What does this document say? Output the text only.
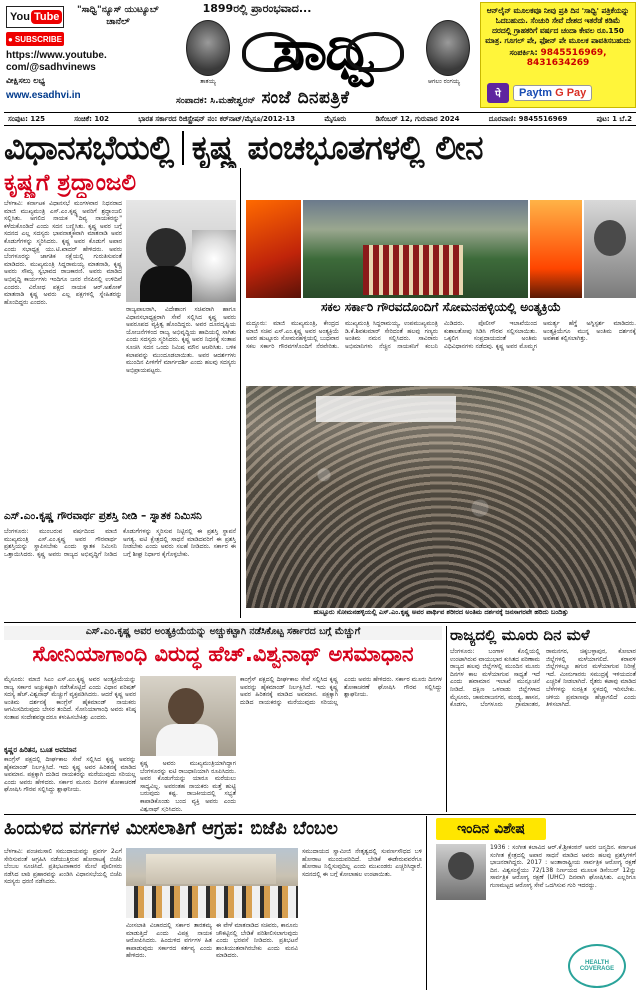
You Tube
"ಸಾಧ್ವಿ"ನ್ಯೂಸ್ ಯುಟ್ಯೂಬ್ ಚಾನೆಲ್
● SUBSCRIBE
https://www.youtube.
com/@sadhvinews
ವೀಕ್ಷಿಸಲು ಲಭ್ಯ
www.esadhvi.in
1899ರಲ್ಲಿ ಪ್ರಾರಂಭವಾದ...
ತಾತಯ್ಯ	ಸಾಧ್ವಿ	ಆಗಲಂ ರಂಗಯ್ಯ
ಸಂಪಾದಕ: ಸಿ.ಮಹೇಶ್ವರನ್ ಸಂಜೆ ದಿನಪತ್ರಿಕೆ
ಆನ್‌ಲೈನ್ ಮೂಲಕವೂ ನೀವು ಪ್ರತಿ ದಿನ 'ಸಾಧ್ವಿ' ಪತ್ರಿಕೆಯನ್ನು ಓದಬಹುದು. ಸೆಂಚುರಿ ಸೇವೆ ದೇಶದ ಇತರೆಡೆ ಕಡಿಮೆ ದರದಲ್ಲಿ ಗ್ರಾಹಕರಿಗೆ ವರ್ಷದ ಚಂದಾ ಕೇವಲ ರೂ.150 ಮಾತ್ರ. ಗೂಗಲ್ ಪೇ, ಫೋನ್ ಪೇ ಮೂಲಕ ಪಾವತಿಸಬಹುದು
ಸಂಪರ್ಕಿಸಿ: 9845516969, 8431634269
पे	Paytm G Pay
ಸಂಪುಟ: 125	ಸಂಚಿಕೆ: 102	ಭಾರತ ಸರ್ಕಾರದ ರಿಜಿಸ್ಟ್ರೇಷನ್ ನಂ: ಕರ್‌ನಾಟ್/ಮೈಸೂ/2012-13	ಮೈಸೂರು	ಡಿಸೆಂಬರ್ 12, ಗುರುವಾರ 2024	ದೂರವಾಣಿ: 9845516969	ಪುಟ: 1 ಬೆ.2
ವಿಧಾನಸಭೆಯಲ್ಲಿ ಕೃಷ್ಣ ಪಂಚಭೂತಗಳಲ್ಲಿ ಲೀನ
ಕೃಷ್ಣಗೆ ಶ್ರದ್ಧಾಂಜಲಿ
ಬೆಳಗಾವಿ: ಕರ್ನಾಟಕ ವಿಧಾನಸಭೆ ಮಂಗಳವಾರ ನಿಧನರಾದ ಮಾಜಿ ಮುಖ್ಯಮಂತ್ರಿ ಎಸ್.ಎಂ.ಕೃಷ್ಣ ಅವರಿಗೆ ಶ್ರದ್ಧಾಂಜಲಿ ಸಲ್ಲಿಸಿತು. ಅಗಲಿದ ನಾಯಕ "ದಿವ್ಯ ನಾಯಕರನ್ನು" ಕಳೆದುಕೊಂಡಿದೆ ಎಂದು ಸದನ ಬಣ್ಣಿಸಿತು. ಕೃಷ್ಣ ಅವರ ಬಗ್ಗೆ ಸದನದ ಎಲ್ಲ ಸದಸ್ಯರು ಭಾವನಾತ್ಮಕವಾಗಿ ಮಾತನಾಡಿ ಅವರ ಕೊಡುಗೆಗಳನ್ನು ಸ್ಮರಿಸಿದರು. ಕೃಷ್ಣ ಅವರ ಕೊಡುಗೆ ಅಪಾರ ಎಂದು ಸಭಾಧ್ಯಕ್ಷ ಯು.ಟಿ.ಖಾದರ್ ಹೇಳಿದರು. ಅವರು ಬೆಂಗಳೂರನ್ನು ಜಾಗತಿಕ ನಕ್ಷೆಯಲ್ಲಿ ಗುರುತಿಸುವಂತೆ ಮಾಡಿದರು. ಮುಖ್ಯಮಂತ್ರಿ ಸಿದ್ದರಾಮಯ್ಯ ಮಾತನಾಡಿ, ಕೃಷ್ಣ ಅವರು ಸೌಮ್ಯ ಸ್ವಭಾವದ ರಾಜಕಾರಣಿ. ಅವರು ಮಾಡಿದ ಅಭಿವೃದ್ಧಿ ಕಾರ್ಯಗಳು ಇಂದಿಗೂ ಜನರ ನೆನಪಿನಲ್ಲಿ ಉಳಿದಿವೆ ಎಂದರು. ವಿರೋಧ ಪಕ್ಷದ ನಾಯಕ ಆರ್.ಅಶೋಕ್ ಮಾತನಾಡಿ ಕೃಷ್ಣ ಅವರು ಎಲ್ಲ ಪಕ್ಷಗಳಲ್ಲಿ ಸ್ನೇಹಿತರನ್ನು ಹೊಂದಿದ್ದರು ಎಂದರು.
ರಾಜ್ಯಪಾಲರಾಗಿ, ವಿದೇಶಾಂಗ ಸಚಿವರಾಗಿ ಹಾಗೂ ವಿಧಾನಸಭಾಧ್ಯಕ್ಷರಾಗಿ ಸೇವೆ ಸಲ್ಲಿಸಿದ ಕೃಷ್ಣ ಅವರು ಅಪರೂಪದ ವ್ಯಕ್ತಿತ್ವ ಹೊಂದಿದ್ದರು. ಅವರ ದೂರದೃಷ್ಟಿಯ ಯೋಜನೆಗಳಿಂದ ರಾಜ್ಯ ಅಭಿವೃದ್ಧಿಯ ಹಾದಿಯಲ್ಲಿ ಸಾಗಿತು ಎಂದು ಸದಸ್ಯರು ಸ್ಮರಿಸಿದರು. ಕೃಷ್ಣ ಅವರ ನಿಧನಕ್ಕೆ ಸಂತಾಪ ಸೂಚಿಸಿ ಸದನ ಒಂದು ನಿಮಿಷ ಮೌನ ಆಚರಿಸಿತು. ಬಳಿಕ ಕಲಾಪವನ್ನು ಮುಂದೂಡಲಾಯಿತು. ಅವರ ಆದರ್ಶಗಳು ಮುಂದಿನ ಪೀಳಿಗೆಗೆ ಮಾರ್ಗದರ್ಶಿ ಎಂದು ಹಲವು ಸದಸ್ಯರು ಅಭಿಪ್ರಾಯಪಟ್ಟರು.
ಎಸ್.ಎಂ.ಕೃಷ್ಣ ಗೌರವಾರ್ಥ ಪ್ರಶಸ್ತಿ ನೀಡಿ – ಸ್ನಾತಕ ನಿಮಿಸನಿ
ಬೆಂಗಳೂರು: ಮುಂಬರುವ ವರ್ಷದಿಂದ ಮಾಜಿ ಮುಖ್ಯಮಂತ್ರಿ ಎಸ್.ಎಂ.ಕೃಷ್ಣ ಅವರ ಗೌರವಾರ್ಥ ಪ್ರಶಸ್ತಿಯನ್ನು ಸ್ಥಾಪಿಸಬೇಕು ಎಂದು ಸ್ನಾತಕ ನಿಮಿಸನಿ ಒತ್ತಾಯಿಸಿದರು. ಕೃಷ್ಣ ಅವರು ರಾಜ್ಯದ ಅಭಿವೃದ್ಧಿಗೆ ನೀಡಿದ ಕೊಡುಗೆಗಳನ್ನು ಸ್ಮರಿಸುವ ನಿಟ್ಟಿನಲ್ಲಿ ಈ ಪ್ರಶಸ್ತಿ ಸ್ಥಾಪನೆ ಅಗತ್ಯ. ಐಟಿ ಕ್ಷೇತ್ರದಲ್ಲಿ ಸಾಧನೆ ಮಾಡಿದವರಿಗೆ ಈ ಪ್ರಶಸ್ತಿ ನೀಡಬೇಕು ಎಂದು ಅವರು ಸಲಹೆ ನೀಡಿದರು. ಸರ್ಕಾರ ಈ ಬಗ್ಗೆ ಶೀಘ್ರ ನಿರ್ಧಾರ ಕೈಗೊಳ್ಳಬೇಕು.
ಸಕಲ ಸರ್ಕಾರಿ ಗೌರವದೊಂದಿಗೆ ಸೋಮನಹಳ್ಳಿಯಲ್ಲಿ ಅಂತ್ಯಕ್ರಿಯೆ
ಮದ್ದೂರು: ಮಾಜಿ ಮುಖ್ಯಮಂತ್ರಿ, ಕೇಂದ್ರದ ಮಾಜಿ ಸಚಿವ ಎಸ್.ಎಂ.ಕೃಷ್ಣ ಅವರ ಅಂತ್ಯಕ್ರಿಯೆ ಅವರ ಹುಟ್ಟೂರು ಸೋಮನಹಳ್ಳಿಯಲ್ಲಿ ಬುಧವಾರ ಸಕಲ ಸರ್ಕಾರಿ ಗೌರವಗಳೊಂದಿಗೆ ನೆರವೇರಿತು. ಮುಖ್ಯಮಂತ್ರಿ ಸಿದ್ದರಾಮಯ್ಯ, ಉಪಮುಖ್ಯಮಂತ್ರಿ ಡಿ.ಕೆ.ಶಿವಕುಮಾರ್ ಸೇರಿದಂತೆ ಹಲವು ಗಣ್ಯರು ಅಂತಿಮ ನಮನ ಸಲ್ಲಿಸಿದರು. ಸಾವಿರಾರು ಅಭಿಮಾನಿಗಳು ನೆಚ್ಚಿನ ನಾಯಕನಿಗೆ ಕಂಬನಿ ಮಿಡಿದರು. ಪೊಲೀಸ್ ಇಲಾಖೆಯಿಂದ ಕುಶಾಲತೋಪು ಸಿಡಿಸಿ ಗೌರವ ಸಲ್ಲಿಸಲಾಯಿತು. ಒಕ್ಕಲಿಗ ಸಂಪ್ರದಾಯದಂತೆ ಅಂತಿಮ ವಿಧಿವಿಧಾನಗಳು ನಡೆದವು. ಕೃಷ್ಣ ಅವರ ಮೊಮ್ಮಗ ಅಮರ್ತ್ಯ ಹೆಗ್ಡೆ ಅಗ್ನಿಸ್ಪರ್ಶ ಮಾಡಿದರು. ಅಂತ್ಯಕ್ರಿಯೆಗೂ ಮುನ್ನ ಅಂತಿಮ ದರ್ಶನಕ್ಕೆ ಅವಕಾಶ ಕಲ್ಪಿಸಲಾಗಿತ್ತು.
ಹುಟ್ಟೂರು ಸೋಮನಹಳ್ಳಿಯಲ್ಲಿ ಎಸ್.ಎಂ.ಕೃಷ್ಣ ಅವರ ಪಾರ್ಥಿವ ಶರೀರದ ಅಂತಿಮ ದರ್ಶನಕ್ಕೆ ಜನಸಾಗರವೇ ಹರಿದು ಬಂದಿತ್ತು
ಎಸ್.ಎಂ.ಕೃಷ್ಣ ಅವರ ಅಂತ್ಯಕ್ರಿಯೆಯನ್ನು ಅಚ್ಚುಕಟ್ಟಾಗಿ ನಡೆಸಿಕೊಟ್ಟ ಸರ್ಕಾರದ ಬಗ್ಗೆ ಮೆಚ್ಚುಗೆ
ಸೋನಿಯಾಗಾಂಧಿ ವಿರುದ್ಧ ಹೆಚ್.ವಿಶ್ವನಾಥ್ ಅಸಮಾಧಾನ
ಮೈಸೂರು: ಮಾಜಿ ಸಿಎಂ ಎಸ್.ಎಂ.ಕೃಷ್ಣ ಅವರ ಅಂತ್ಯಕ್ರಿಯೆಯನ್ನು ರಾಜ್ಯ ಸರ್ಕಾರ ಅಚ್ಚುಕಟ್ಟಾಗಿ ನಡೆಸಿಕೊಟ್ಟಿದೆ ಎಂದು ವಿಧಾನ ಪರಿಷತ್ ಸದಸ್ಯ ಹೆಚ್.ವಿಶ್ವನಾಥ್ ಮೆಚ್ಚುಗೆ ವ್ಯಕ್ತಪಡಿಸಿದರು. ಆದರೆ ಕೃಷ್ಣ ಅವರ ಅಂತಿಮ ದರ್ಶನಕ್ಕೆ ಕಾಂಗ್ರೆಸ್ ಹೈಕಮಾಂಡ್ ನಾಯಕರು ಆಗಮಿಸದಿರುವುದು ಬೇಸರ ತಂದಿದೆ. ಸೋನಿಯಾಗಾಂಧಿ ಅವರು ಕನಿಷ್ಠ ಸಂತಾಪ ಸಂದೇಶವನ್ನಾದರೂ ಕಳುಹಿಸಬೇಕಿತ್ತು ಎಂದರು.
ಕೃಷ್ಣರ ಹಿರಿತನ, ಬೂತ ಅವಮಾನ
ಕಾಂಗ್ರೆಸ್ ಪಕ್ಷದಲ್ಲಿ ದೀರ್ಘಕಾಲ ಸೇವೆ ಸಲ್ಲಿಸಿದ ಕೃಷ್ಣ ಅವರನ್ನು ಹೈಕಮಾಂಡ್ ನಿರ್ಲಕ್ಷಿಸಿದೆ. ಇದು ಕೃಷ್ಣ ಅವರ ಹಿರಿತನಕ್ಕೆ ಮಾಡಿದ ಅವಮಾನ. ಪಕ್ಷಕ್ಕಾಗಿ ದುಡಿದ ನಾಯಕರನ್ನು ಮರೆಯುವುದು ಸರಿಯಲ್ಲ ಎಂದು ಅವರು ಹೇಳಿದರು. ಸರ್ಕಾರ ಮೂರು ದಿನಗಳ ಶೋಕಾಚರಣೆ ಘೋಷಿಸಿ ಗೌರವ ಸಲ್ಲಿಸಿದ್ದು ಶ್ಲಾಘನೀಯ.
ಕೃಷ್ಣ ಅವರು ಮುಖ್ಯಮಂತ್ರಿಯಾಗಿದ್ದಾಗ ಬೆಂಗಳೂರನ್ನು ಐಟಿ ರಾಜಧಾನಿಯಾಗಿ ರೂಪಿಸಿದರು. ಅವರ ಕೊಡುಗೆಯನ್ನು ಯಾರೂ ಮರೆಯಲು ಸಾಧ್ಯವಿಲ್ಲ. ಅವರಂತಹ ನಾಯಕರು ಮತ್ತೆ ಹುಟ್ಟಿ ಬರುವುದು ಕಷ್ಟ. ರಾಜಕೀಯದಲ್ಲಿ ಸಭ್ಯತೆ ಕಾಪಾಡಿಕೊಂಡು ಬಂದ ವ್ಯಕ್ತಿ ಅವರು ಎಂದು ವಿಶ್ವನಾಥ್ ಸ್ಮರಿಸಿದರು.
ಕಾಂಗ್ರೆಸ್ ಪಕ್ಷದಲ್ಲಿ ದೀರ್ಘಕಾಲ ಸೇವೆ ಸಲ್ಲಿಸಿದ ಕೃಷ್ಣ ಅವರನ್ನು ಹೈಕಮಾಂಡ್ ನಿರ್ಲಕ್ಷಿಸಿದೆ. ಇದು ಕೃಷ್ಣ ಅವರ ಹಿರಿತನಕ್ಕೆ ಮಾಡಿದ ಅವಮಾನ. ಪಕ್ಷಕ್ಕಾಗಿ ದುಡಿದ ನಾಯಕರನ್ನು ಮರೆಯುವುದು ಸರಿಯಲ್ಲ ಎಂದು ಅವರು ಹೇಳಿದರು. ಸರ್ಕಾರ ಮೂರು ದಿನಗಳ ಶೋಕಾಚರಣೆ ಘೋಷಿಸಿ ಗೌರವ ಸಲ್ಲಿಸಿದ್ದು ಶ್ಲಾಘನೀಯ.
ರಾಜ್ಯದಲ್ಲಿ ಮೂರು ದಿನ ಮಳೆ
ಬೆಂಗಳೂರು: ಬಂಗಾಳ ಕೊಲ್ಲಿಯಲ್ಲಿ ಉಂಟಾಗಿರುವ ವಾಯುಭಾರ ಕುಸಿತದ ಪರಿಣಾಮ ರಾಜ್ಯದ ಹಲವು ಜಿಲ್ಲೆಗಳಲ್ಲಿ ಮುಂದಿನ ಮೂರು ದಿನಗಳ ಕಾಲ ಮಳೆಯಾಗುವ ಸಾಧ್ಯತೆ ಇದೆ ಎಂದು ಹವಾಮಾನ ಇಲಾಖೆ ಮುನ್ಸೂಚನೆ ನೀಡಿದೆ. ದಕ್ಷಿಣ ಒಳನಾಡು ಜಿಲ್ಲೆಗಳಾದ ಮೈಸೂರು, ಚಾಮರಾಜನಗರ, ಮಂಡ್ಯ, ಹಾಸನ, ಕೊಡಗು, ಬೆಂಗಳೂರು ಗ್ರಾಮಾಂತರ, ರಾಮನಗರ, ಚಿಕ್ಕಬಳ್ಳಾಪುರ, ಕೋಲಾರ ಜಿಲ್ಲೆಗಳಲ್ಲಿ ಮಳೆಯಾಗಲಿದೆ. ಕರಾವಳಿ ಜಿಲ್ಲೆಗಳಲ್ಲೂ ಹಗುರ ಮಳೆಯಾಗುವ ನಿರೀಕ್ಷೆ ಇದೆ. ಮೀನುಗಾರರು ಸಮುದ್ರಕ್ಕೆ ಇಳಿಯದಂತೆ ಎಚ್ಚರಿಕೆ ನೀಡಲಾಗಿದೆ. ರೈತರು ಕಟಾವು ಮಾಡಿದ ಬೆಳೆಗಳನ್ನು ಸುರಕ್ಷಿತ ಸ್ಥಳದಲ್ಲಿ ಇರಿಸಬೇಕು. ಚಳಿಯ ಪ್ರಮಾಣವೂ ಹೆಚ್ಚಾಗಲಿದೆ ಎಂದು ತಿಳಿಸಲಾಗಿದೆ.
ಹಿಂದುಳಿದ ವರ್ಗಗಳ ಮೀಸಲಾತಿಗೆ ಆಗ್ರಹ: ಬಿಜೆಪಿ ಬೆಂಬಲ
ಬೆಳಗಾವಿ: ಪಂಚಮಸಾಲಿ ಸಮುದಾಯವನ್ನು ಪ್ರವರ್ಗ 2ಎಗೆ ಸೇರಿಸುವಂತೆ ಆಗ್ರಹಿಸಿ ನಡೆಯುತ್ತಿರುವ ಹೋರಾಟಕ್ಕೆ ಬಿಜೆಪಿ ಬೆಂಬಲ ಸೂಚಿಸಿದೆ. ಪ್ರತಿಭಟನಾಕಾರರ ಮೇಲೆ ಪೊಲೀಸರು ನಡೆಸಿದ ಲಾಠಿ ಪ್ರಹಾರವನ್ನು ಖಂಡಿಸಿ ವಿಧಾನಸಭೆಯಲ್ಲಿ ಬಿಜೆಪಿ ಸದಸ್ಯರು ಧರಣಿ ನಡೆಸಿದರು.
ಮೀಸಲಾತಿ ವಿಚಾರದಲ್ಲಿ ಸರ್ಕಾರ ತಾರತಮ್ಯ ಮಾಡುತ್ತಿದೆ ಎಂದು ವಿಪಕ್ಷ ನಾಯಕ ಆರೋಪಿಸಿದರು. ಹಿಂದುಳಿದ ವರ್ಗಗಳ ಹಿತ ಕಾಪಾಡುವುದು ಸರ್ಕಾರದ ಕರ್ತವ್ಯ ಎಂದು ಹೇಳಿದರು.
ಈ ವೇಳೆ ಮಾತನಾಡಿದ ಸಚಿವರು, ಕಾನೂನು ಚೌಕಟ್ಟಿನಲ್ಲಿ ಬೇಡಿಕೆ ಪರಿಶೀಲಿಸಲಾಗುವುದು ಎಂದು ಭರವಸೆ ನೀಡಿದರು. ಪ್ರತಿಭಟನೆ ಶಾಂತಿಯುತವಾಗಿರಬೇಕು ಎಂದು ಮನವಿ ಮಾಡಿದರು.
ಸಮುದಾಯದ ಸ್ವಾಮೀಜಿ ನೇತೃತ್ವದಲ್ಲಿ ಸುವರ್ಣಸೌಧದ ಬಳಿ ಹೋರಾಟ ಮುಂದುವರಿದಿದೆ. ಬೇಡಿಕೆ ಈಡೇರುವವರೆಗೂ ಹೋರಾಟ ನಿಲ್ಲಿಸುವುದಿಲ್ಲ ಎಂದು ಮುಖಂಡರು ಎಚ್ಚರಿಸಿದ್ದಾರೆ. ಸದನದಲ್ಲಿ ಈ ಬಗ್ಗೆ ಕೋಲಾಹಲ ಉಂಟಾಯಿತು.
ಇಂದಿನ ವಿಶೇಷ
1936 : ಸಂಗೀತ ಕಲಾವಿದ ಆರ್.ಕೆ.ಶ್ರೀಕಂಠನ್ ಅವರ ಜನ್ಮದಿನ. ಕರ್ನಾಟಕ ಸಂಗೀತ ಕ್ಷೇತ್ರದಲ್ಲಿ ಅಪಾರ ಸಾಧನೆ ಮಾಡಿದ ಅವರು ಹಲವು ಪ್ರಶಸ್ತಿಗಳಿಗೆ ಭಾಜನರಾಗಿದ್ದರು. 2017 : ಅಂತಾರಾಷ್ಟ್ರೀಯ ಸಾರ್ವತ್ರಿಕ ಆರೋಗ್ಯ ರಕ್ಷಣೆ ದಿನ. ವಿಶ್ವಸಂಸ್ಥೆಯು 72/138 ನಿರ್ಣಯದ ಮೂಲಕ ಡಿಸೆಂಬರ್ 12ನ್ನು ಸಾರ್ವತ್ರಿಕ ಆರೋಗ್ಯ ರಕ್ಷಣೆ (UHC) ದಿನವಾಗಿ ಘೋಷಿಸಿತು. ಎಲ್ಲರಿಗೂ ಗುಣಮಟ್ಟದ ಆರೋಗ್ಯ ಸೇವೆ ಒದಗಿಸುವ ಗುರಿ ಇದರದ್ದು.
HEALTH COVERAGE
